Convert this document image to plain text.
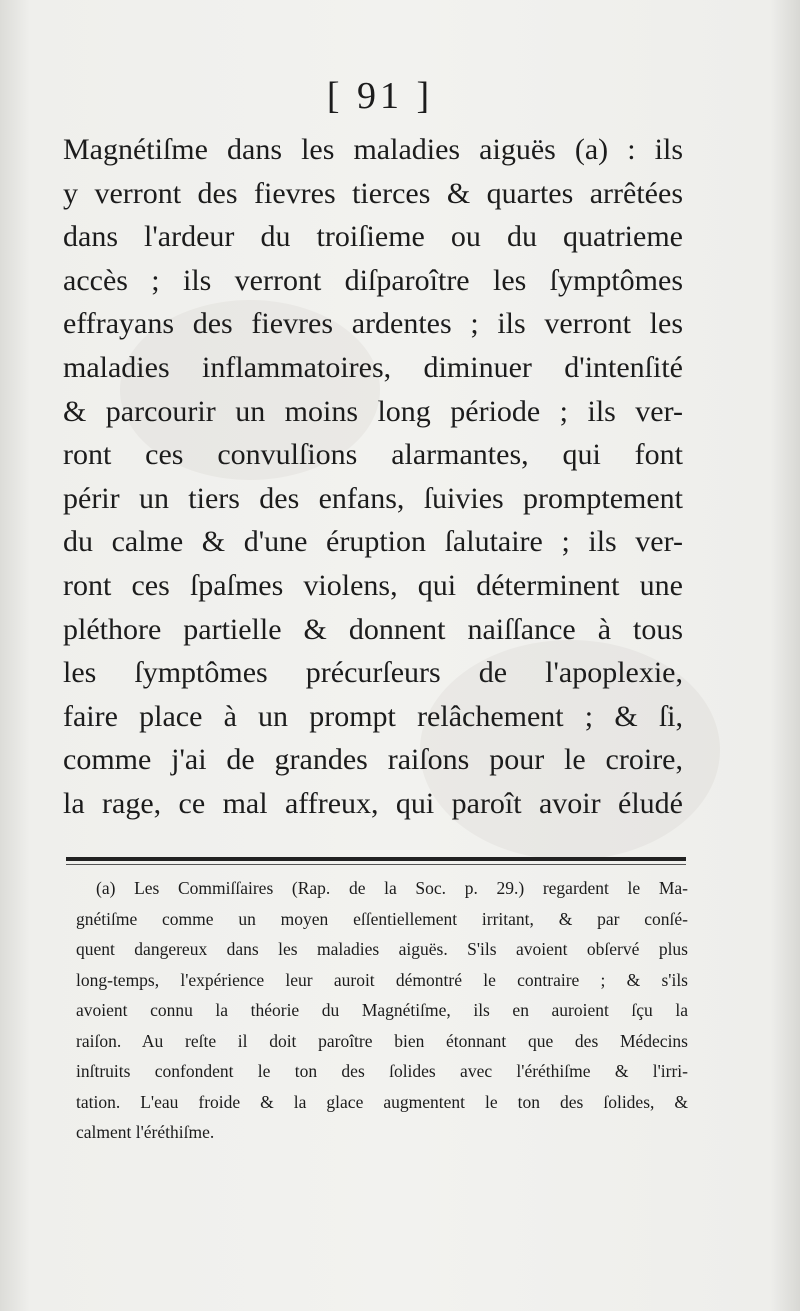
[ 91 ]
Magnétiſme dans les maladies aiguës (a) : ils
y verront des fievres tierces & quartes arrêtées
dans l'ardeur du troiſieme ou du quatrieme
accès ; ils verront diſparoître les ſymptômes
effrayans des fievres ardentes ; ils verront les
maladies inflammatoires, diminuer d'intenſité
& parcourir un moins long période ; ils ver-
ront ces convulſions alarmantes, qui font
périr un tiers des enfans, ſuivies promptement
du calme & d'une éruption ſalutaire ; ils ver-
ront ces ſpaſmes violens, qui déterminent une
pléthore partielle & donnent naiſſance à tous
les ſymptômes précurſeurs de l'apoplexie,
faire place à un prompt relâchement ; & ſi,
comme j'ai de grandes raiſons pour le croire,
la rage, ce mal affreux, qui paroît avoir éludé
(a) Les Commiſſaires (Rap. de la Soc. p. 29.) regardent le Ma-
gnétiſme comme un moyen eſſentiellement irritant, & par conſé-
quent dangereux dans les maladies aiguës. S'ils avoient obſervé plus
long-temps, l'expérience leur auroit démontré le contraire ; & s'ils
avoient connu la théorie du Magnétiſme, ils en auroient ſçu la
raiſon. Au reſte il doit paroître bien étonnant que des Médecins
inſtruits confondent le ton des ſolides avec l'éréthiſme & l'irri-
tation. L'eau froide & la glace augmentent le ton des ſolides, &
calment l'éréthiſme.
